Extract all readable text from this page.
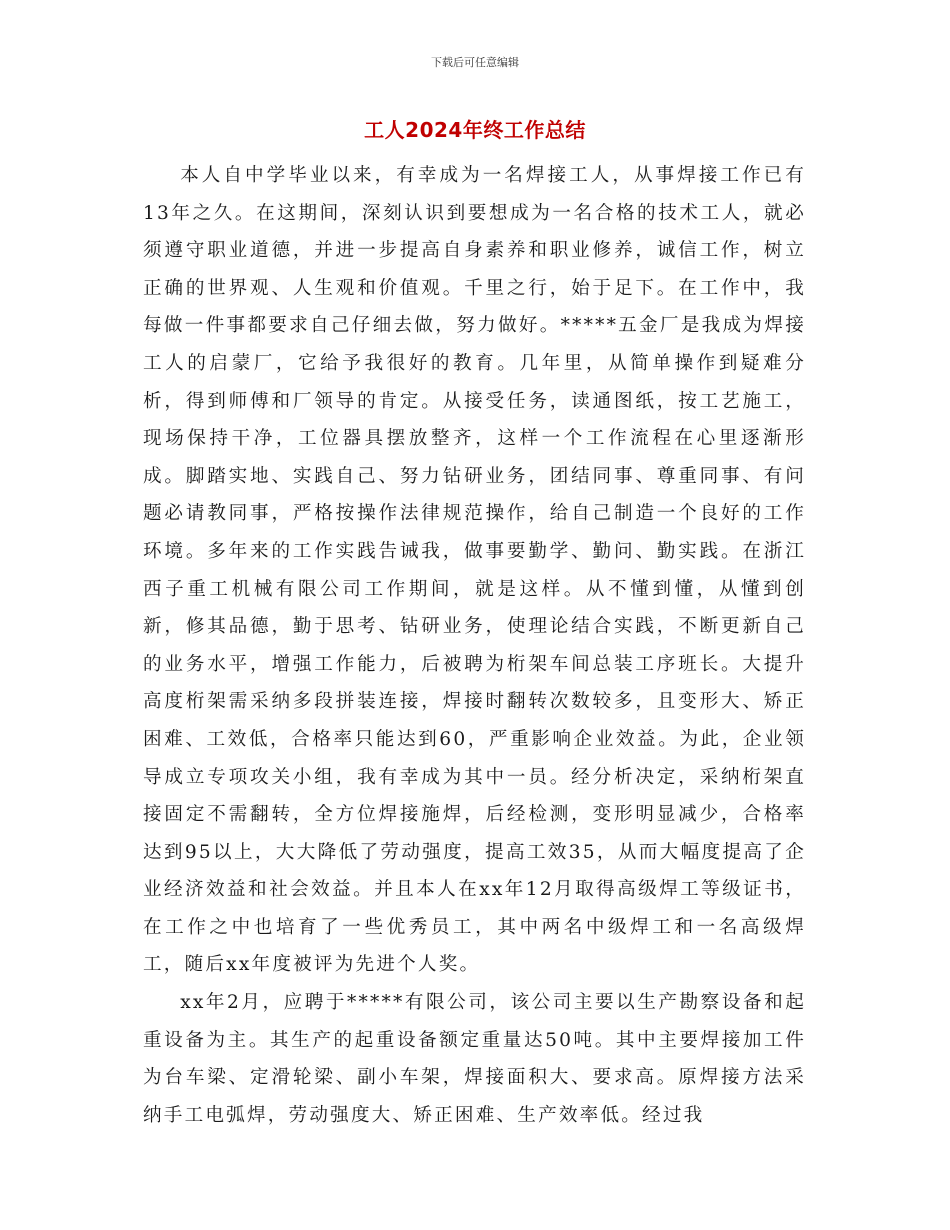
下载后可任意编辑
工人2024年终工作总结

本人自中学毕业以来，有幸成为一名焊接工人，从事焊接工作已有13年之久。在这期间，深刻认识到要想成为一名合格的技术工人，就必须遵守职业道德，并进一步提高自身素养和职业修养，诚信工作，树立正确的世界观、人生观和价值观。千里之行，始于足下。在工作中，我每做一件事都要求自己仔细去做，努力做好。*****五金厂是我成为焊接工人的启蒙厂，它给予我很好的教育。几年里，从简单操作到疑难分析，得到师傅和厂领导的肯定。从接受任务，读通图纸，按工艺施工，现场保持干净，工位器具摆放整齐，这样一个工作流程在心里逐渐形成。脚踏实地、实践自己、努力钻研业务，团结同事、尊重同事、有问题必请教同事，严格按操作法律规范操作，给自己制造一个良好的工作环境。多年来的工作实践告诫我，做事要勤学、勤问、勤实践。在浙江西子重工机械有限公司工作期间，就是这样。从不懂到懂，从懂到创新，修其品德，勤于思考、钻研业务，使理论结合实践，不断更新自己的业务水平，增强工作能力，后被聘为桁架车间总装工序班长。大提升高度桁架需采纳多段拼装连接，焊接时翻转次数较多，且变形大、矫正困难、工效低，合格率只能达到60，严重影响企业效益。为此，企业领导成立专项攻关小组，我有幸成为其中一员。经分析决定，采纳桁架直接固定不需翻转，全方位焊接施焊，后经检测，变形明显减少，合格率达到95以上，大大降低了劳动强度，提高工效35，从而大幅度提高了企业经济效益和社会效益。并且本人在xx年12月取得高级焊工等级证书，在工作之中也培育了一些优秀员工，其中两名中级焊工和一名高级焊工，随后xx年度被评为先进个人奖。

xx年2月，应聘于*****有限公司，该公司主要以生产勘察设备和起重设备为主。其生产的起重设备额定重量达50吨。其中主要焊接加工件为台车梁、定滑轮梁、副小车架，焊接面积大、要求高。原焊接方法采纳手工电弧焊，劳动强度大、矫正困难、生产效率低。经过我
